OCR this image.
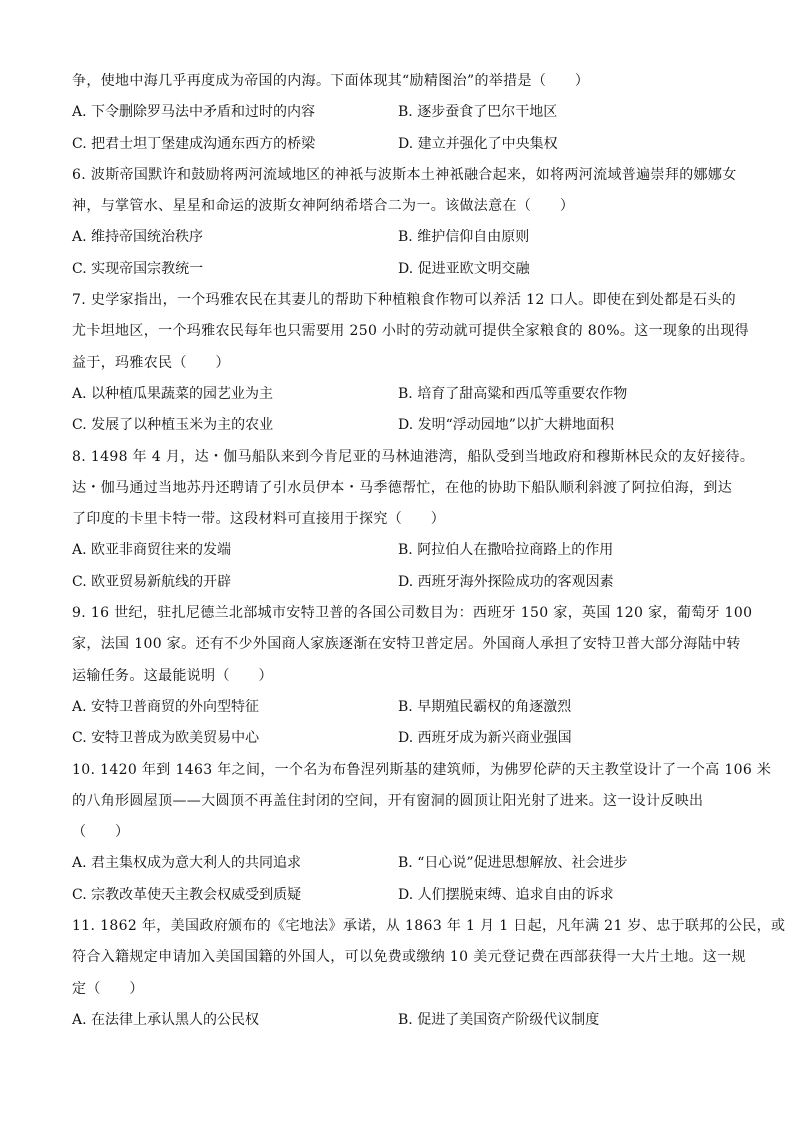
争，使地中海几乎再度成为帝国的内海。下面体现其“励精图治”的举措是（　　）
A. 下令删除罗马法中矛盾和过时的内容	B. 逐步蚕食了巴尔干地区
C. 把君士坦丁堡建成沟通东西方的桥梁	D. 建立并强化了中央集权
6. 波斯帝国默许和鼓励将两河流域地区的神祇与波斯本土神祇融合起来，如将两河流域普遍崇拜的娜娜女
神，与掌管水、星星和命运的波斯女神阿纳希塔合二为一。该做法意在（　　）
A. 维持帝国统治秩序	B. 维护信仰自由原则
C. 实现帝国宗教统一	D. 促进亚欧文明交融
7. 史学家指出，一个玛雅农民在其妻儿的帮助下种植粮食作物可以养活 12 口人。即使在到处都是石头的
尤卡坦地区，一个玛雅农民每年也只需要用 250 小时的劳动就可提供全家粮食的 80%。这一现象的出现得
益于，玛雅农民（　　）
A. 以种植瓜果蔬菜的园艺业为主	B. 培育了甜高粱和西瓜等重要农作物
C. 发展了以种植玉米为主的农业	D. 发明“浮动园地”以扩大耕地面积
8. 1498 年 4 月，达・伽马船队来到今肯尼亚的马林迪港湾，船队受到当地政府和穆斯林民众的友好接待。
达・伽马通过当地苏丹还聘请了引水员伊本・马季德帮忙，在他的协助下船队顺利斜渡了阿拉伯海，到达
了印度的卡里卡特一带。这段材料可直接用于探究（　　）
A. 欧亚非商贸往来的发端	B. 阿拉伯人在撒哈拉商路上的作用
C. 欧亚贸易新航线的开辟	D. 西班牙海外探险成功的客观因素
9. 16 世纪，驻扎尼德兰北部城市安特卫普的各国公司数目为：西班牙 150 家，英国 120 家，葡萄牙 100
家，法国 100 家。还有不少外国商人家族逐渐在安特卫普定居。外国商人承担了安特卫普大部分海陆中转
运输任务。这最能说明（　　）
A. 安特卫普商贸的外向型特征	B. 早期殖民霸权的角逐激烈
C. 安特卫普成为欧美贸易中心	D. 西班牙成为新兴商业强国
10. 1420 年到 1463 年之间，一个名为布鲁涅列斯基的建筑师，为佛罗伦萨的天主教堂设计了一个高 106 米
的八角形圆屋顶——大圆顶不再盖住封闭的空间，开有窗洞的圆顶让阳光射了进来。这一设计反映出
（　　）
A. 君主集权成为意大利人的共同追求	B. “日心说”促进思想解放、社会进步
C. 宗教改革使天主教会权威受到质疑	D. 人们摆脱束缚、追求自由的诉求
11. 1862 年，美国政府颁布的《宅地法》承诺，从 1863 年 1 月 1 日起，凡年满 21 岁、忠于联邦的公民，或
符合入籍规定申请加入美国国籍的外国人，可以免费或缴纳 10 美元登记费在西部获得一大片土地。这一规
定（　　）
A. 在法律上承认黑人的公民权	B. 促进了美国资产阶级代议制度
